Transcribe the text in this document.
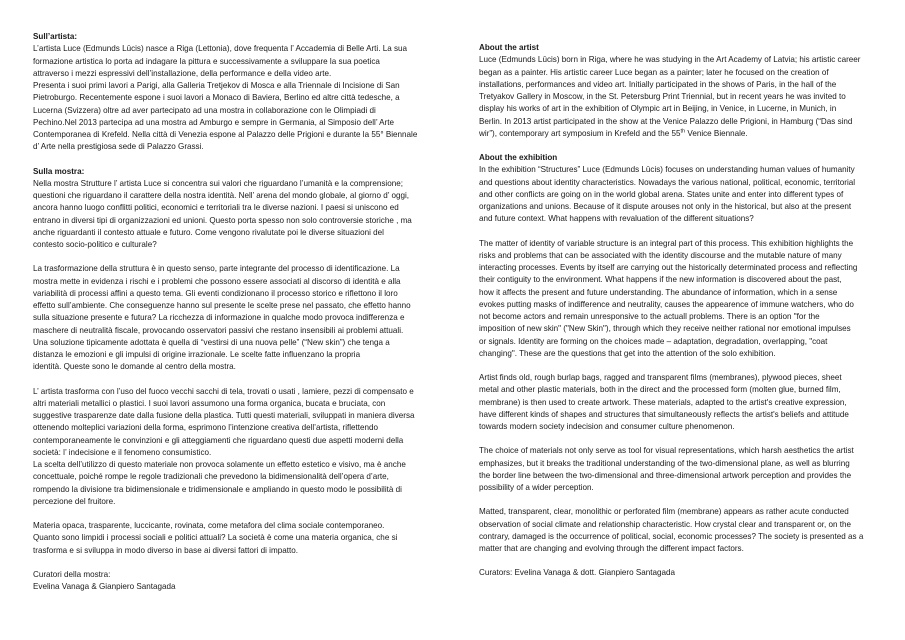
Sull’artista:

L’artista Luce (Edmunds Lūcis) nasce a Riga (Lettonia), dove frequenta l’ Accademia di Belle Arti. La sua
formazione artistica lo porta ad indagare la pittura e successivamente a sviluppare la sua poetica
attraverso i mezzi espressivi dell’installazione, della performance e della video arte.
Presenta i suoi primi lavori a Parigi, alla Galleria Tretjekov di Mosca e alla Triennale di Incisione di San
Pietroburgo. Recentemente espone i suoi lavori a Monaco di Baviera, Berlino ed altre città tedesche, a
Lucerna (Svizzera) oltre ad aver partecipato ad una mostra in collaborazione con le Olimpiadi di
Pechino.Nel 2013 partecipa ad una mostra ad Amburgo e sempre in Germania, al Simposio dell’ Arte
Contemporanea di Krefeld. Nella città di Venezia espone al Palazzo delle Prigioni e durante la 55° Biennale
d’ Arte nella prestigiosa sede di Palazzo Grassi.

Sulla mostra:

Nella mostra Strutture l’ artista Luce si concentra sui valori che riguardano l’umanità e la comprensione;
questioni che riguardano il carattere della nostra identità. Nell’ arena del mondo globale, al giorno d’ oggi,
ancora hanno luogo conflitti politici, economici e territoriali tra le diverse nazioni. I paesi si uniscono ed
entrano in diversi tipi di organizzazioni ed unioni. Questo porta spesso non solo controversie storiche , ma
anche riguardanti il contesto attuale e futuro. Come vengono rivalutate poi le diverse situazioni del
contesto socio-politico e culturale?

La trasformazione della struttura è in questo senso, parte integrante del processo di identificazione. La
mostra mette in evidenza i rischi e i problemi che possono essere associati al discorso di identità e alla
variabilità di processi affini a questo tema. Gli eventi condizionano il processo storico e riflettono il loro
effetto sull’ambiente. Che conseguenze hanno sul presente le scelte prese nel passato, che effetto hanno
sulla situazione presente e futura? La ricchezza di informazione in qualche modo provoca indifferenza e
maschere di neutralità fiscale, provocando osservatori passivi che restano insensibili ai problemi attuali.
Una soluzione tipicamente adottata è quella di “vestirsi di una nuova pelle” (“New skin”) che tenga a
distanza le emozioni e gli impulsi di origine irrazionale. Le scelte fatte influenzano la propria
identità. Queste sono le domande al centro della mostra.

L’ artista trasforma con l’uso del fuoco vecchi sacchi di tela, trovati o usati , lamiere, pezzi di compensato e
altri materiali metallici o plastici. I suoi lavori assumono una forma organica, bucata e bruciata, con
suggestive trasparenze date dalla fusione della plastica. Tutti questi materiali, sviluppati in maniera diversa
ottenendo molteplici variazioni della forma, esprimono l’intenzione creativa dell’artista, riflettendo
contemporaneamente le convinzioni e gli atteggiamenti che riguardano questi due aspetti moderni della
società: l’ indecisione e il fenomeno consumistico.
La scelta dell’utilizzo di questo materiale non provoca solamente un effetto estetico e visivo, ma è anche
concettuale, poiché rompe le regole tradizionali che prevedono la bidimensionalità dell’opera d’arte,
rompendo la divisione tra bidimensionale e tridimensionale e ampliando in questo modo le possibilità di
percezione del fruitore.

Materia opaca, trasparente, luccicante, rovinata, come metafora del clima sociale contemporaneo.
Quanto sono limpidi i processi sociali e politici attuali? La società è come una materia organica, che si
trasforma e si sviluppa in modo diverso in base ai diversi fattori di impatto.

Curatori della mostra:
Evelina Vanaga & Gianpiero Santagada

About the artist

Luce (Edmunds Lūcis) born in Riga, where he was studying in the Art Academy of Latvia; his artistic career
began as a painter. His artistic career Luce began as a painter; later he focused on the creation of
installations, performances and video art. Initially participated in the shows of Paris, in the hall of the
Tretyakov Gallery in Moscow, in the St. Petersburg Print Triennial, but in recent years he was invited to
display his works of art in the exhibition of Olympic art in Beijing, in Venice, in Lucerne, in Munich, in
Berlin. In 2013 artist participated in the show at the Venice Palazzo delle Prigioni, in Hamburg (“Das sind
wir”), contemporary art symposium in Krefeld and the 55th Venice Biennale.

About the exhibition

In the exhibition “Structures” Luce (Edmunds Lūcis) focuses on understanding human values of humanity
and questions about identity characteristics. Nowadays the various national, political, economic, territorial
and other conflicts are going on in the world global arena. States unite and enter into different types of
organizations and unions. Because of it dispute arouses not only in the historical, but also at the present
and future context. What happens with revaluation of the different situations?

The matter of identity of variable structure is an integral part of this process. This exhibition highlights the
risks and problems that can be associated with the identity discourse and the mutable nature of many
interacting processes. Events by itself are carrying out the historically determinated process and reflecting
their contiguity to the environment. What happens if the new information is discovered about the past,
how it affects the present and future understanding. The abundance of information, which in a sense
evokes putting masks of indifference and neutrality, causes the appearence of immune watchers, who do
not become actors and remain unresponsive to the actuall problems. There is an option "for the
imposition of new skin" ("New Skin"), through which they receive neither rational nor emotional impulses
or signals. Identity are forming on the choices made – adaptation, degradation, overlapping, "coat
changing". These are the questions that get into the attention of the solo exhibition.

Artist finds old, rough burlap bags, ragged and transparent films (membranes), plywood pieces, sheet
metal and other plastic materials, both in the direct and the processed form (molten glue, burned film,
membrane) is then used to create artwork. These materials, adapted to the artist's creative expression,
have different kinds of shapes and structures that simultaneously reflects the artist's beliefs and attitude
towards modern society indecision and consumer culture phenomenon.

The choice of materials not only serve as tool for visual representations, which harsh aesthetics the artist
emphasizes, but it breaks the traditional understanding of the two-dimensional plane, as well as blurring
the border line between the two-dimensional and three-dimensional artwork perception and provides the
possibility of a wider perception.

Matted, transparent, clear, monolithic or perforated film (membrane) appears as rather acute conducted
observation of social climate and relationship characteristic. How crystal clear and transparent or, on the
contrary, damaged is the occurrence of political, social, economic processes? The society is presented as a
matter that are changing and evolving through the different impact factors.

Curators: Evelina Vanaga & dott. Gianpiero Santagada
